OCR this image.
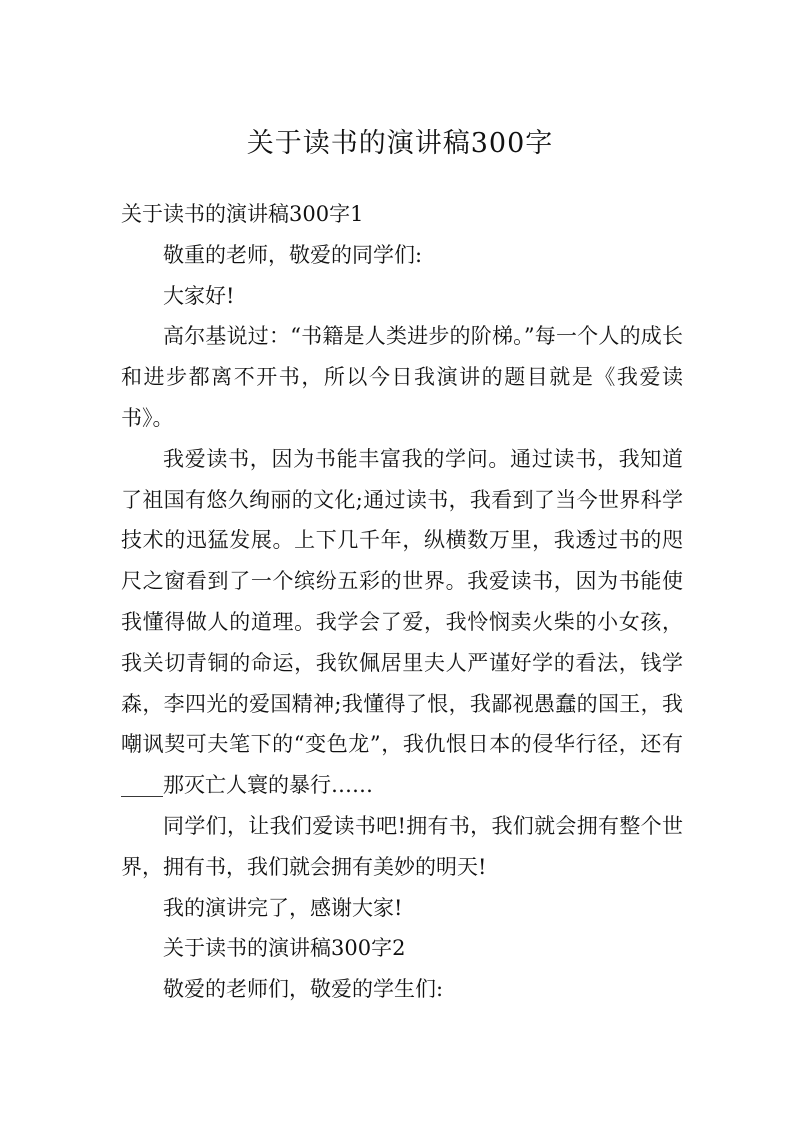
关于读书的演讲稿300字

关于读书的演讲稿300字1

敬重的老师，敬爱的同学们:

大家好!

高尔基说过：“书籍是人类进步的阶梯。”每一个人的成长和进步都离不开书，所以今日我演讲的题目就是《我爱读书》。

我爱读书，因为书能丰富我的学问。通过读书，我知道了祖国有悠久绚丽的文化;通过读书，我看到了当今世界科学技术的迅猛发展。上下几千年，纵横数万里，我透过书的咫尺之窗看到了一个缤纷五彩的世界。我爱读书，因为书能使我懂得做人的道理。我学会了爱，我怜悯卖火柴的小女孩，我关切青铜的命运，我钦佩居里夫人严谨好学的看法，钱学森，李四光的爱国精神;我懂得了恨，我鄙视愚蠢的国王，我嘲讽契可夫笔下的“变色龙”，我仇恨日本的侵华行径，还有____那灭亡人寰的暴行……

同学们，让我们爱读书吧!拥有书，我们就会拥有整个世界，拥有书，我们就会拥有美妙的明天!

我的演讲完了，感谢大家!

关于读书的演讲稿300字2

敬爱的老师们，敬爱的学生们:
